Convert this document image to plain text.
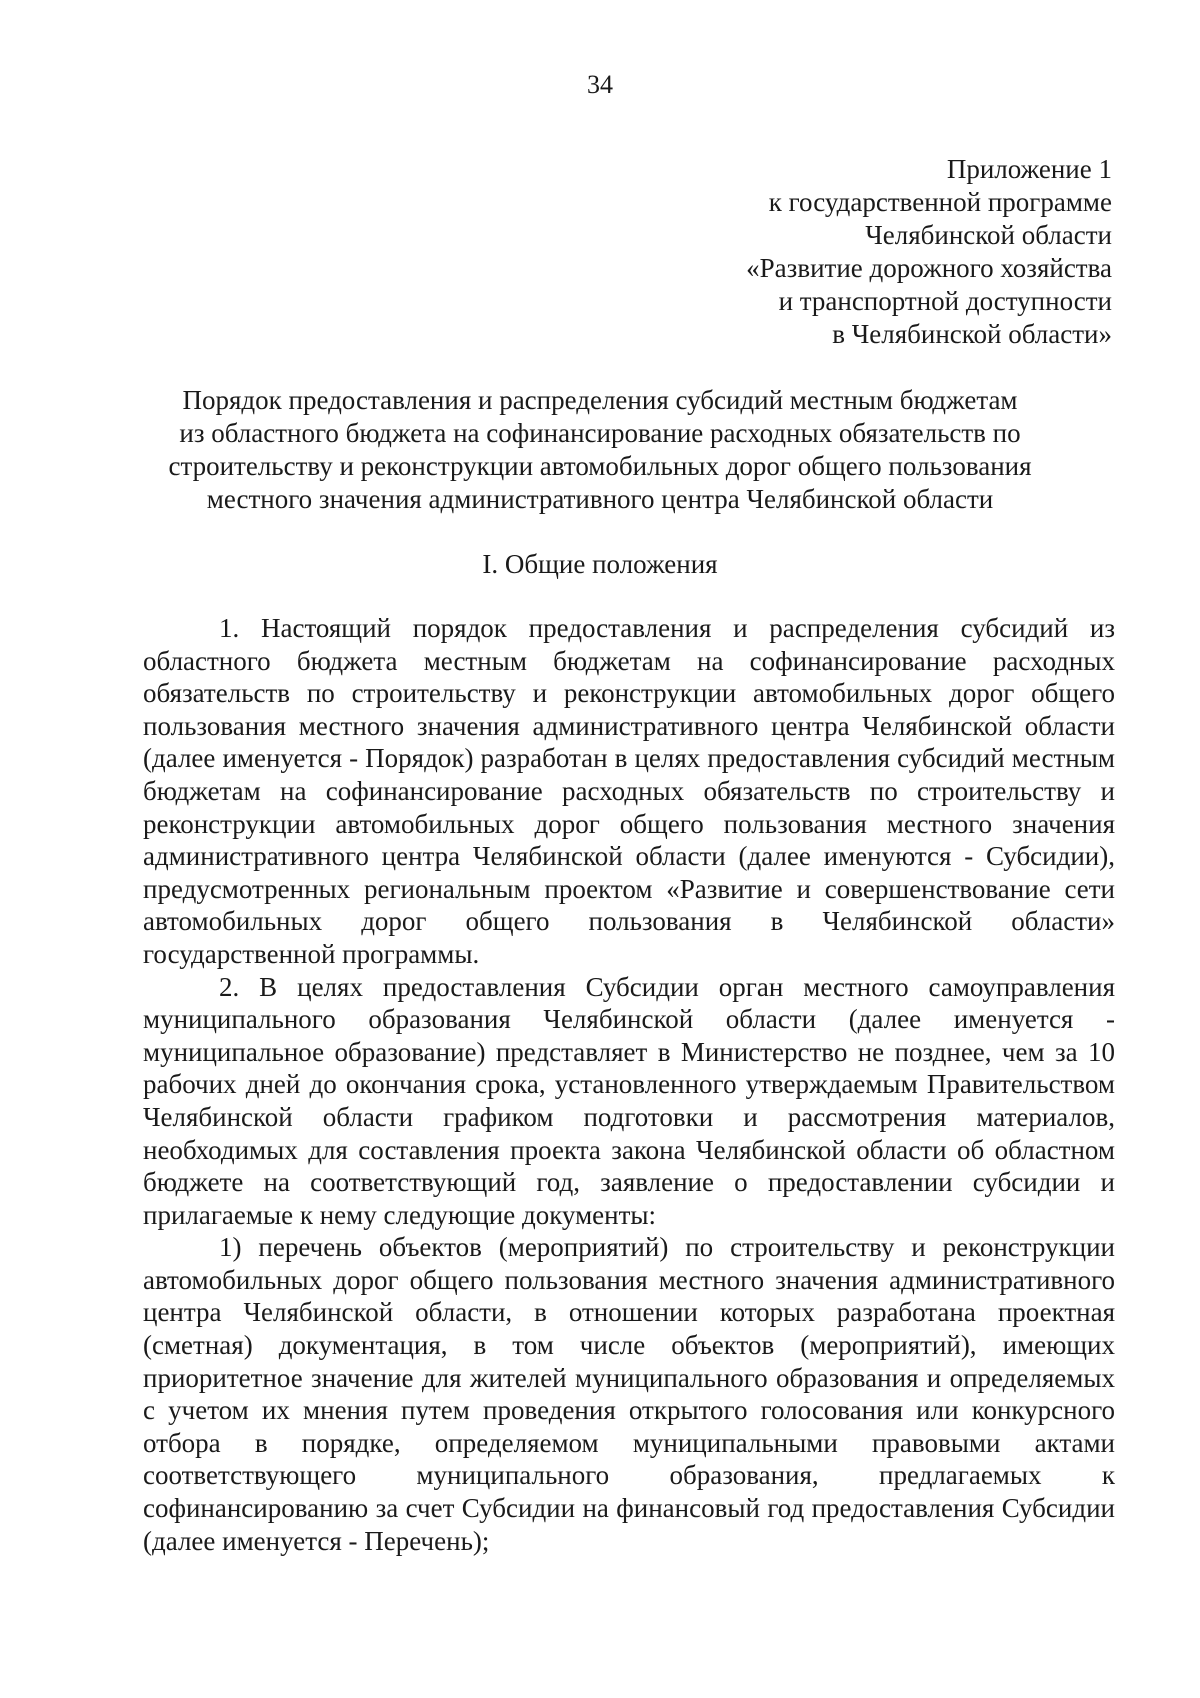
34
Приложение 1
к государственной программе
Челябинской области
«Развитие дорожного хозяйства
и транспортной доступности
в Челябинской области»
Порядок предоставления и распределения субсидий местным бюджетам
из областного бюджета на софинансирование расходных обязательств по
строительству и реконструкции автомобильных дорог общего пользования
местного значения административного центра Челябинской области
I. Общие положения

1. Настоящий порядок предоставления и распределения субсидий из областного бюджета местным бюджетам на софинансирование расходных обязательств по строительству и реконструкции автомобильных дорог общего пользования местного значения административного центра Челябинской области (далее именуется - Порядок) разработан в целях предоставления субсидий местным бюджетам на софинансирование расходных обязательств по строительству и реконструкции автомобильных дорог общего пользования местного значения административного центра Челябинской области (далее именуются - Субсидии), предусмотренных региональным проектом «Развитие и совершенствование сети автомобильных дорог общего пользования в Челябинской области» государственной программы.

2. В целях предоставления Субсидии орган местного самоуправления муниципального образования Челябинской области (далее именуется - муниципальное образование) представляет в Министерство не позднее, чем за 10 рабочих дней до окончания срока, установленного утверждаемым Правительством Челябинской области графиком подготовки и рассмотрения материалов, необходимых для составления проекта закона Челябинской области об областном бюджете на соответствующий год, заявление о предоставлении субсидии и прилагаемые к нему следующие документы:

1) перечень объектов (мероприятий) по строительству и реконструкции автомобильных дорог общего пользования местного значения административного центра Челябинской области, в отношении которых разработана проектная (сметная) документация, в том числе объектов (мероприятий), имеющих приоритетное значение для жителей муниципального образования и определяемых с учетом их мнения путем проведения открытого голосования или конкурсного отбора в порядке, определяемом муниципальными правовыми актами соответствующего муниципального образования, предлагаемых к софинансированию за счет Субсидии на финансовый год предоставления Субсидии (далее именуется - Перечень);
